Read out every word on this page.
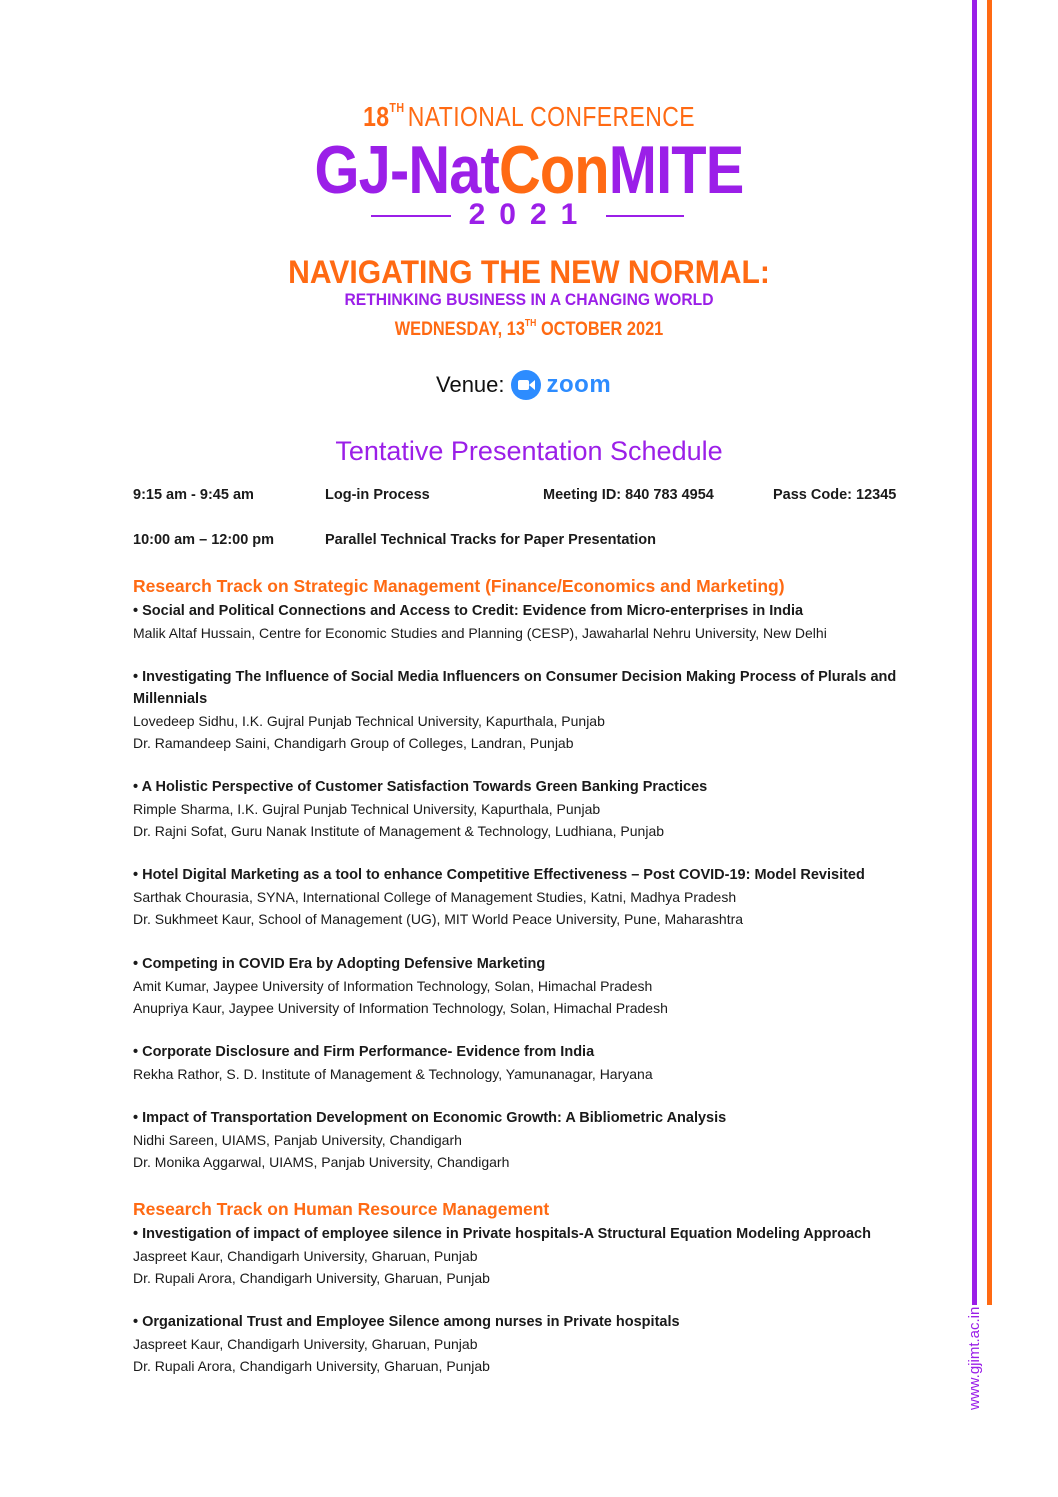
www.gjimt.ac.in
18TH NATIONAL CONFERENCE
GJ-NatConMITE
2021
NAVIGATING THE NEW NORMAL:
RETHINKING BUSINESS IN A CHANGING WORLD
WEDNESDAY, 13TH OCTOBER 2021
Venue: zoom
Tentative Presentation Schedule
9:15 am - 9:45 am	Log-in Process	Meeting ID: 840 783 4954	Pass Code: 12345
10:00 am – 12:00 pm	Parallel Technical Tracks for Paper Presentation
Research Track on Strategic Management (Finance/Economics and Marketing)
• Social and Political Connections and Access to Credit: Evidence from Micro-enterprises in India
Malik Altaf Hussain, Centre for Economic Studies and Planning (CESP), Jawaharlal Nehru University, New Delhi
• Investigating The Influence of Social Media Influencers on Consumer Decision Making Process of Plurals and Millennials
Lovedeep Sidhu, I.K. Gujral Punjab Technical University, Kapurthala, Punjab
Dr. Ramandeep Saini, Chandigarh Group of Colleges, Landran, Punjab
• A Holistic Perspective of Customer Satisfaction Towards Green Banking Practices
Rimple Sharma, I.K. Gujral Punjab Technical University, Kapurthala, Punjab
Dr. Rajni Sofat, Guru Nanak Institute of Management & Technology, Ludhiana, Punjab
• Hotel Digital Marketing as a tool to enhance Competitive Effectiveness – Post COVID-19: Model Revisited
Sarthak Chourasia, SYNA, International College of Management Studies, Katni, Madhya Pradesh
Dr. Sukhmeet Kaur, School of Management (UG), MIT World Peace University, Pune, Maharashtra
• Competing in COVID Era by Adopting Defensive Marketing
Amit Kumar, Jaypee University of Information Technology, Solan, Himachal Pradesh
Anupriya Kaur, Jaypee University of Information Technology, Solan, Himachal Pradesh
• Corporate Disclosure and Firm Performance- Evidence from India
Rekha Rathor, S. D. Institute of Management & Technology, Yamunanagar, Haryana
• Impact of Transportation Development on Economic Growth: A Bibliometric Analysis
Nidhi Sareen, UIAMS, Panjab University, Chandigarh
Dr. Monika Aggarwal, UIAMS, Panjab University, Chandigarh
Research Track on Human Resource Management
• Investigation of impact of employee silence in Private hospitals-A Structural Equation Modeling Approach
Jaspreet Kaur, Chandigarh University, Gharuan, Punjab
Dr. Rupali Arora, Chandigarh University, Gharuan, Punjab
• Organizational Trust and Employee Silence among nurses in Private hospitals
Jaspreet Kaur, Chandigarh University, Gharuan, Punjab
Dr. Rupali Arora, Chandigarh University, Gharuan, Punjab
